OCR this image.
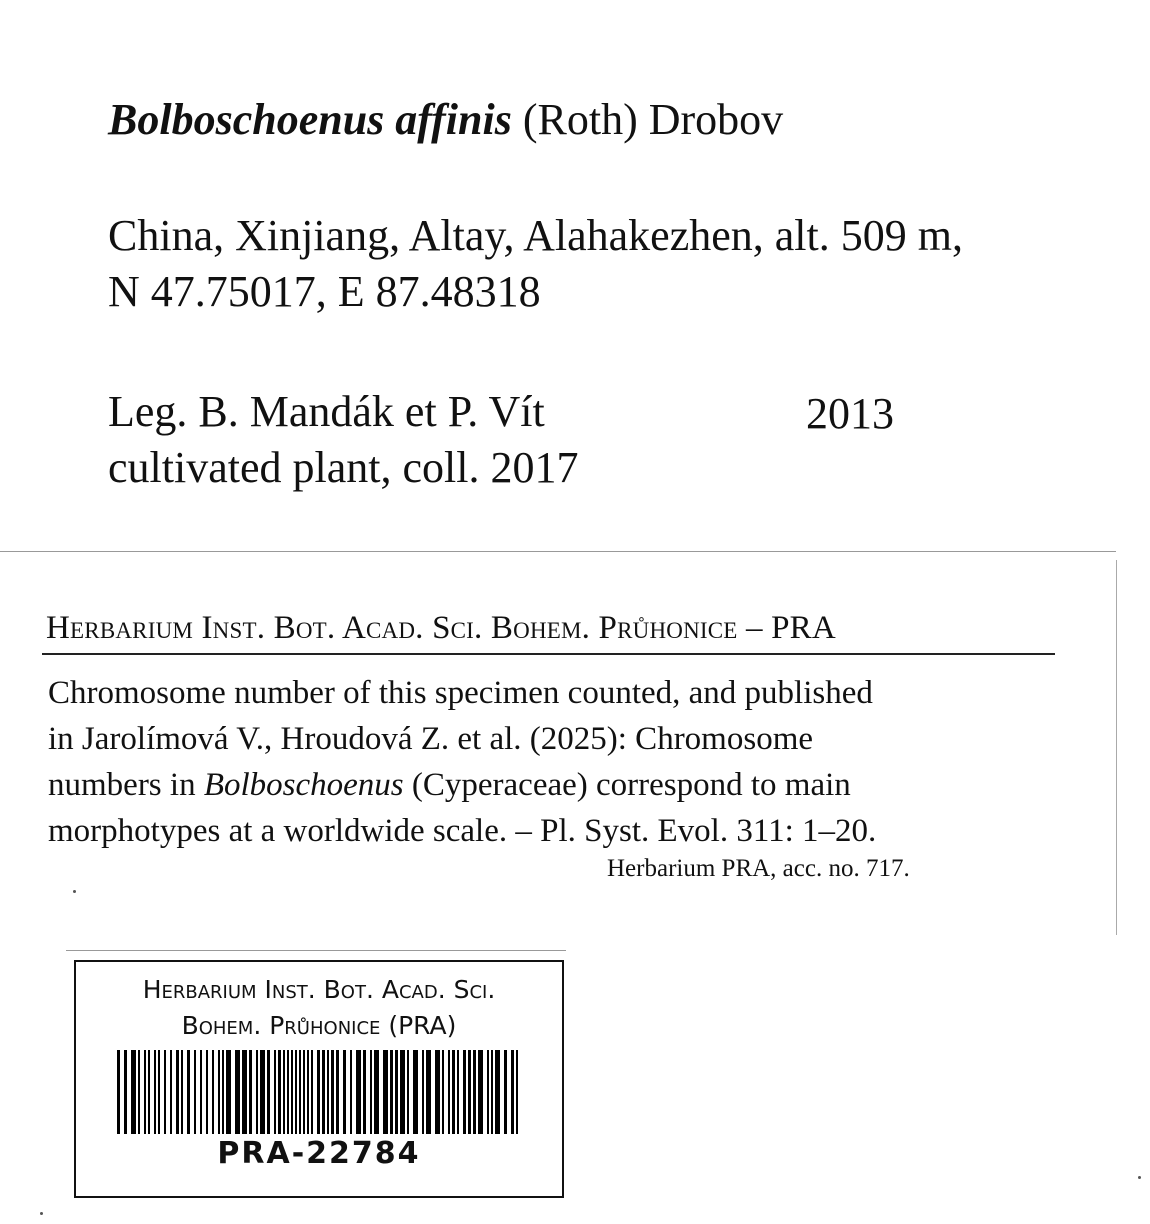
Bolboschoenus affinis (Roth) Drobov
China, Xinjiang, Altay, Alahakezhen, alt. 509 m,
N 47.75017, E 87.48318
Leg. B. Mandák et P. Vít
cultivated plant, coll. 2017
2013
Herbarium Inst. Bot. Acad. Sci. Bohem. Průhonice – PRA

Chromosome number of this specimen counted, and published

in Jarolímová V., Hroudová Z. et al. (2025): Chromosome

numbers in Bolboschoenus (Cyperaceae) correspond to main

morphotypes at a worldwide scale. – Pl. Syst. Evol. 311: 1–20.

Herbarium PRA, acc. no. 717.
Herbarium Inst. Bot. Acad. Sci.
Bohem. Průhonice (PRA)
PRA-22784
